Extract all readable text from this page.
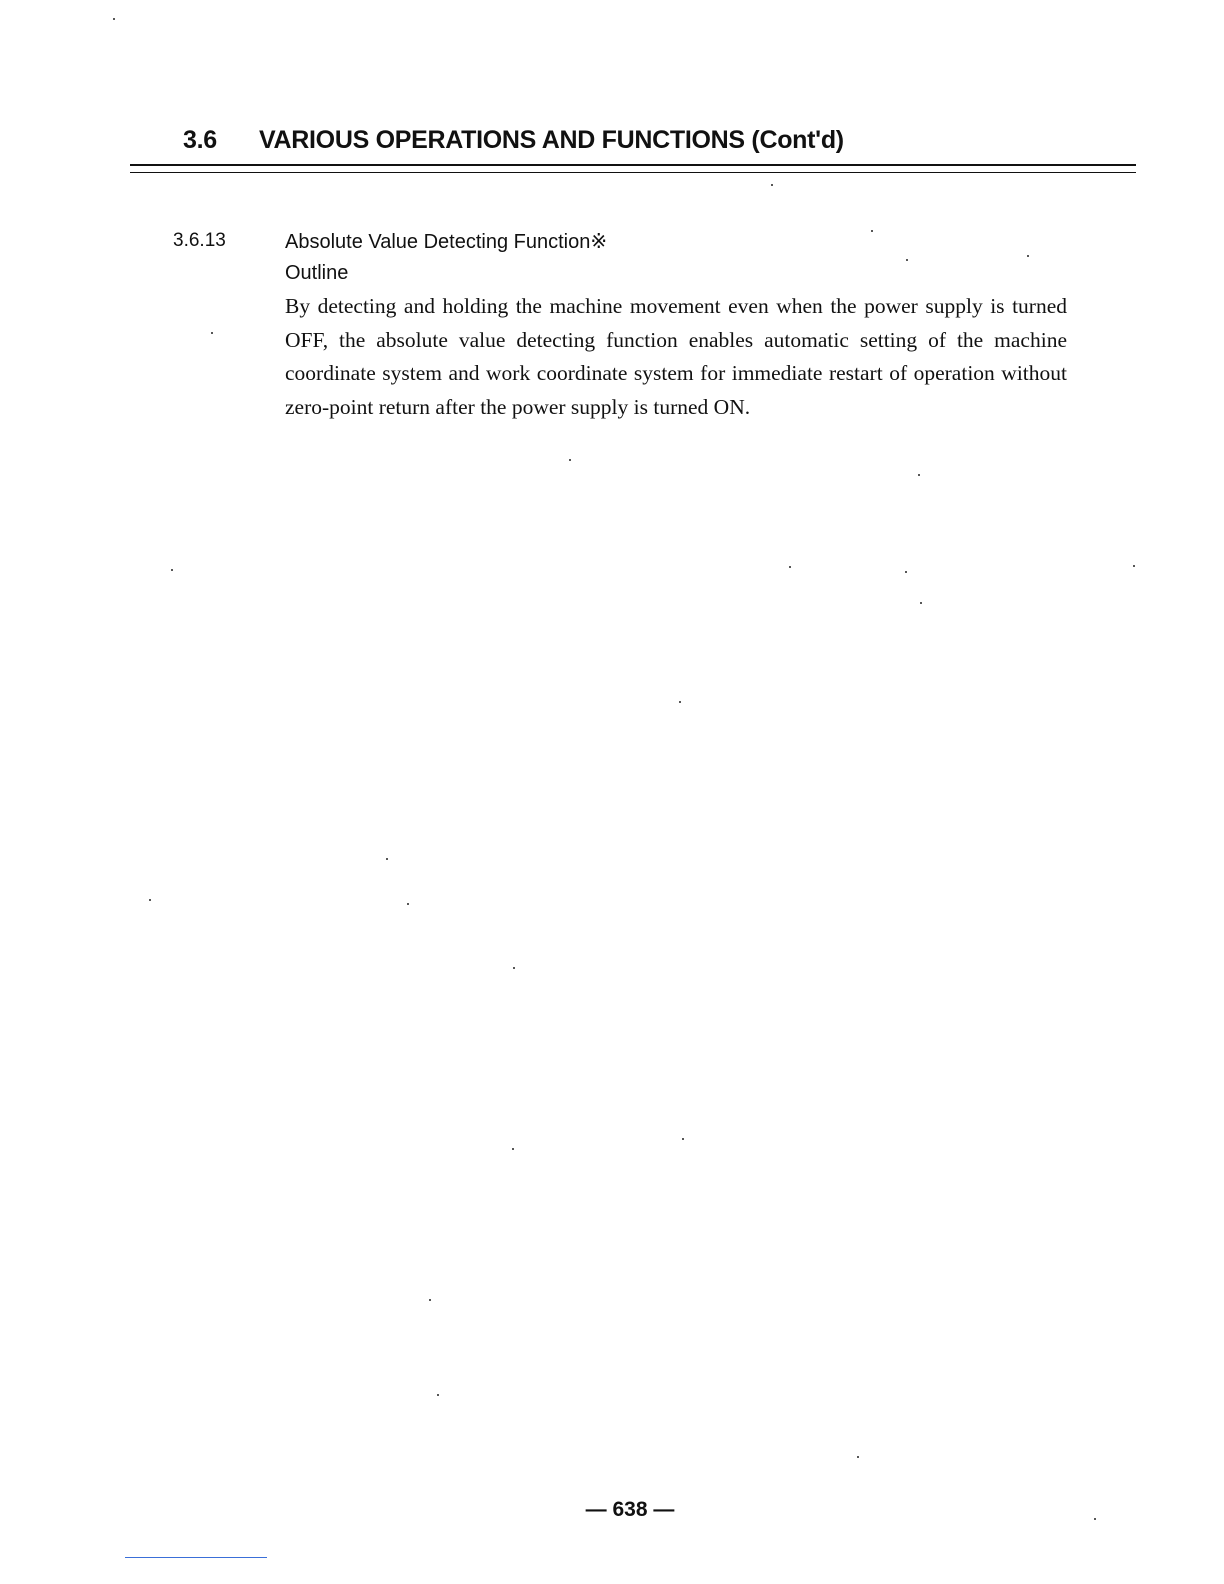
3.6 VARIOUS OPERATIONS AND FUNCTIONS (Cont'd)
3.6.13	Absolute Value Detecting Function※
Outline

By detecting and holding the machine movement even when the power supply is turned OFF, the absolute value detecting function enables automatic setting of the machine coordinate system and work coordinate system for immediate restart of operation without zero-point return after the power supply is turned ON.

— 638 —
